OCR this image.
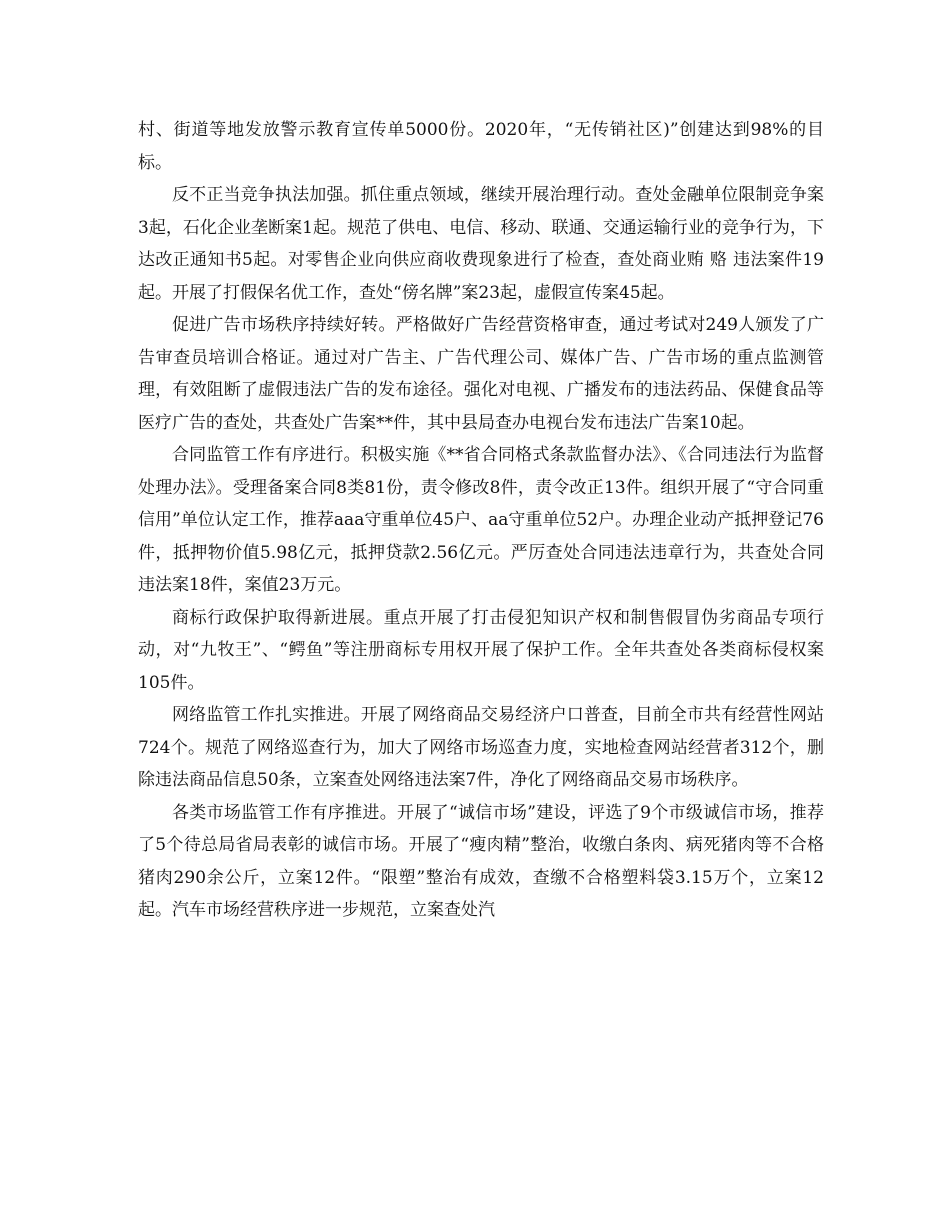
村、街道等地发放警示教育宣传单5000份。2020年，“无传销社区)”创建达到98%的目标。

反不正当竞争执法加强。抓住重点领域，继续开展治理行动。查处金融单位限制竞争案3起，石化企业垄断案1起。规范了供电、电信、移动、联通、交通运输行业的竞争行为，下达改正通知书5起。对零售企业向供应商收费现象进行了检查，查处商业贿 赂 违法案件19起。开展了打假保名优工作，查处“傍名牌”案23起，虚假宣传案45起。

促进广告市场秩序持续好转。严格做好广告经营资格审查，通过考试对249人颁发了广告审查员培训合格证。通过对广告主、广告代理公司、媒体广告、广告市场的重点监测管理，有效阻断了虚假违法广告的发布途径。强化对电视、广播发布的违法药品、保健食品等医疗广告的查处，共查处广告案**件，其中县局查办电视台发布违法广告案10起。

合同监管工作有序进行。积极实施《**省合同格式条款监督办法》、《合同违法行为监督处理办法》。受理备案合同8类81份，责令修改8件，责令改正13件。组织开展了“守合同重信用”单位认定工作，推荐aaa守重单位45户、aa守重单位52户。办理企业动产抵押登记76 件，抵押物价值5.98亿元，抵押贷款2.56亿元。严厉查处合同违法违章行为，共查处合同违法案18件，案值23万元。

商标行政保护取得新进展。重点开展了打击侵犯知识产权和制售假冒伪劣商品专项行动，对“九牧王”、“鳄鱼”等注册商标专用权开展了保护工作。全年共查处各类商标侵权案105件。

网络监管工作扎实推进。开展了网络商品交易经济户口普查，目前全市共有经营性网站724个。规范了网络巡查行为，加大了网络市场巡查力度，实地检查网站经营者312个，删除违法商品信息50条，立案查处网络违法案7件，净化了网络商品交易市场秩序。

各类市场监管工作有序推进。开展了“诚信市场”建设，评选了9个市级诚信市场，推荐了5个待总局省局表彰的诚信市场。开展了“瘦肉精”整治，收缴白条肉、病死猪肉等不合格猪肉290余公斤，立案12件。“限塑”整治有成效，查缴不合格塑料袋3.15万个，立案12起。汽车市场经营秩序进一步规范，立案查处汽
